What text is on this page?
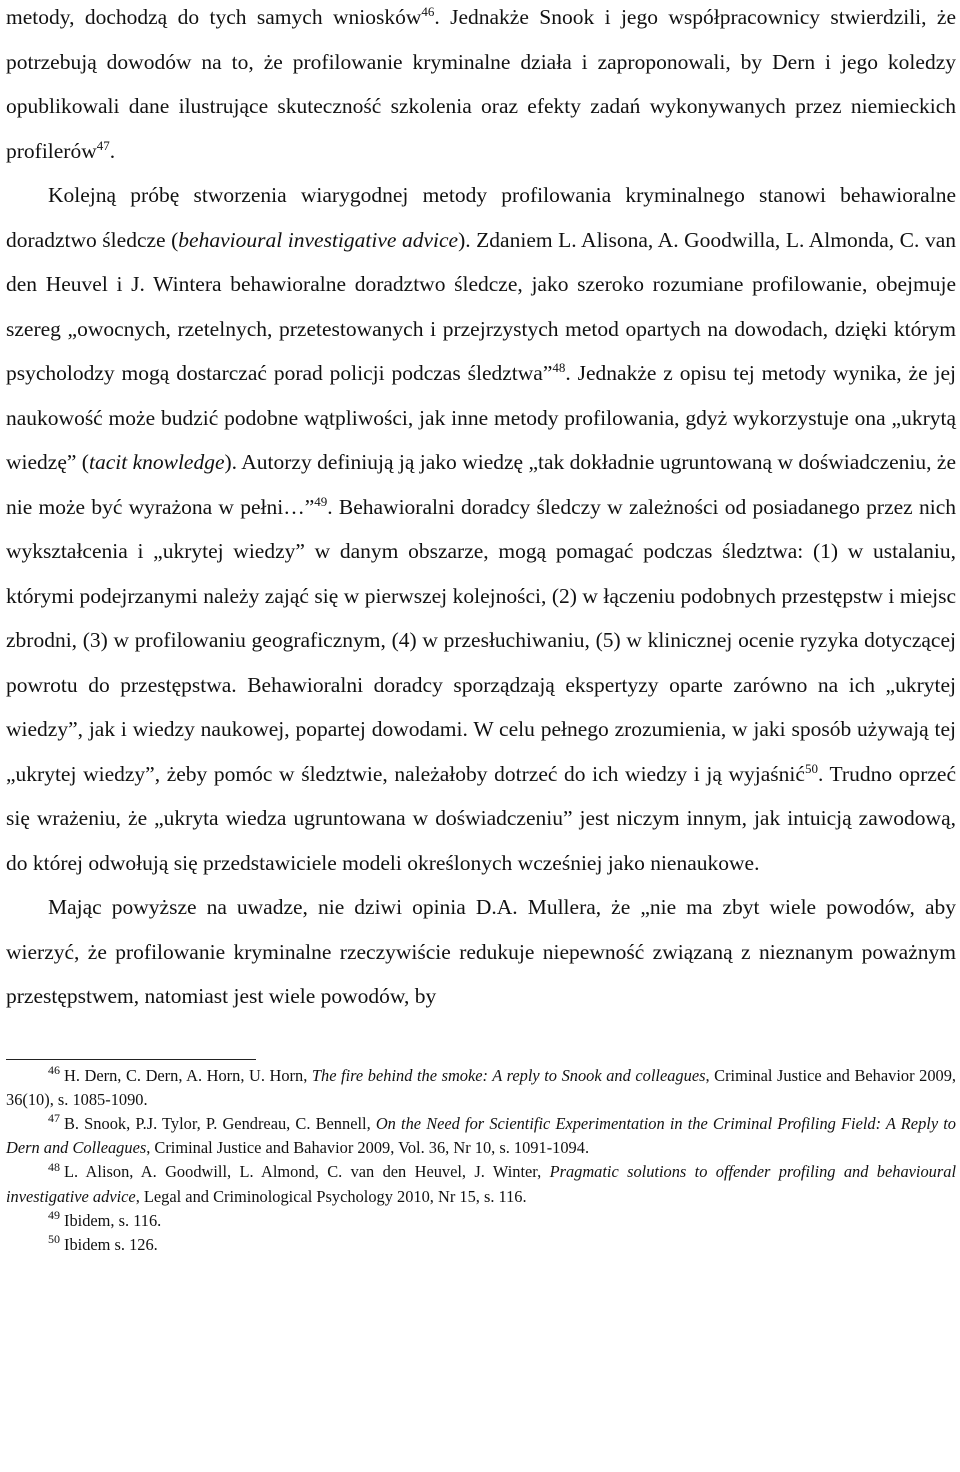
metody, dochodzą do tych samych wniosków$^{46}$. Jednakże Snook i jego współpracownicy stwierdzili, że potrzebują dowodów na to, że profilowanie kryminalne działa i zaproponowali, by Dern i jego koledzy opublikowali dane ilustrujące skuteczność szkolenia oraz efekty zadań wykonywanych przez niemieckich profilerów$^{47}$.

Kolejną próbę stworzenia wiarygodnej metody profilowania kryminalnego stanowi behawioralne doradztwo śledcze (behavioural investigative advice). Zdaniem L. Alisona, A. Goodwilla, L. Almonda, C. van den Heuvel i J. Wintera behawioralne doradztwo śledcze, jako szeroko rozumiane profilowanie, obejmuje szereg „owocnych, rzetelnych, przetestowanych i przejrzystych metod opartych na dowodach, dzięki którym psycholodzy mogą dostarczać porad policji podczas śledztwa”$^{48}$. Jednakże z opisu tej metody wynika, że jej naukowość może budzić podobne wątpliwości, jak inne metody profilowania, gdyż wykorzystuje ona „ukrytą wiedzę” (tacit knowledge). Autorzy definiują ją jako wiedzę „tak dokładnie ugruntowaną w doświadczeniu, że nie może być wyrażona w pełni…”$^{49}$. Behawioralni doradcy śledczy w zależności od posiadanego przez nich wykształcenia i „ukrytej wiedzy” w danym obszarze, mogą pomagać podczas śledztwa: (1) w ustalaniu, którymi podejrzanymi należy zająć się w pierwszej kolejności, (2) w łączeniu podobnych przestępstw i miejsc zbrodni, (3) w profilowaniu geograficznym, (4) w przesłuchiwaniu, (5) w klinicznej ocenie ryzyka dotyczącej powrotu do przestępstwa. Behawioralni doradcy sporządzają ekspertyzy oparte zarówno na ich „ukrytej wiedzy”, jak i wiedzy naukowej, popartej dowodami. W celu pełnego zrozumienia, w jaki sposób używają tej „ukrytej wiedzy”, żeby pomóc w śledztwie, należałoby dotrzeć do ich wiedzy i ją wyjaśnić$^{50}$. Trudno oprzeć się wrażeniu, że „ukryta wiedza ugruntowana w doświadczeniu” jest niczym innym, jak intuicją zawodową, do której odwołują się przedstawiciele modeli określonych wcześniej jako nienaukowe.

Mając powyższe na uwadze, nie dziwi opinia D.A. Mullera, że „nie ma zbyt wiele powodów, aby wierzyć, że profilowanie kryminalne rzeczywiście redukuje niepewność związaną z nieznanym poważnym przestępstwem, natomiast jest wiele powodów, by

$^{46}$ H. Dern, C. Dern, A. Horn, U. Horn, The fire behind the smoke: A reply to Snook and colleagues, Criminal Justice and Behavior 2009, 36(10), s. 1085-1090.

$^{47}$ B. Snook, P.J. Tylor, P. Gendreau, C. Bennell, On the Need for Scientific Experimentation in the Criminal Profiling Field: A Reply to Dern and Colleagues, Criminal Justice and Bahavior 2009, Vol. 36, Nr 10, s. 1091-1094.

$^{48}$ L. Alison, A. Goodwill, L. Almond, C. van den Heuvel, J. Winter, Pragmatic solutions to offender profiling and behavioural investigative advice, Legal and Criminological Psychology 2010, Nr 15, s. 116.

$^{49}$ Ibidem, s. 116.

$^{50}$ Ibidem s. 126.
